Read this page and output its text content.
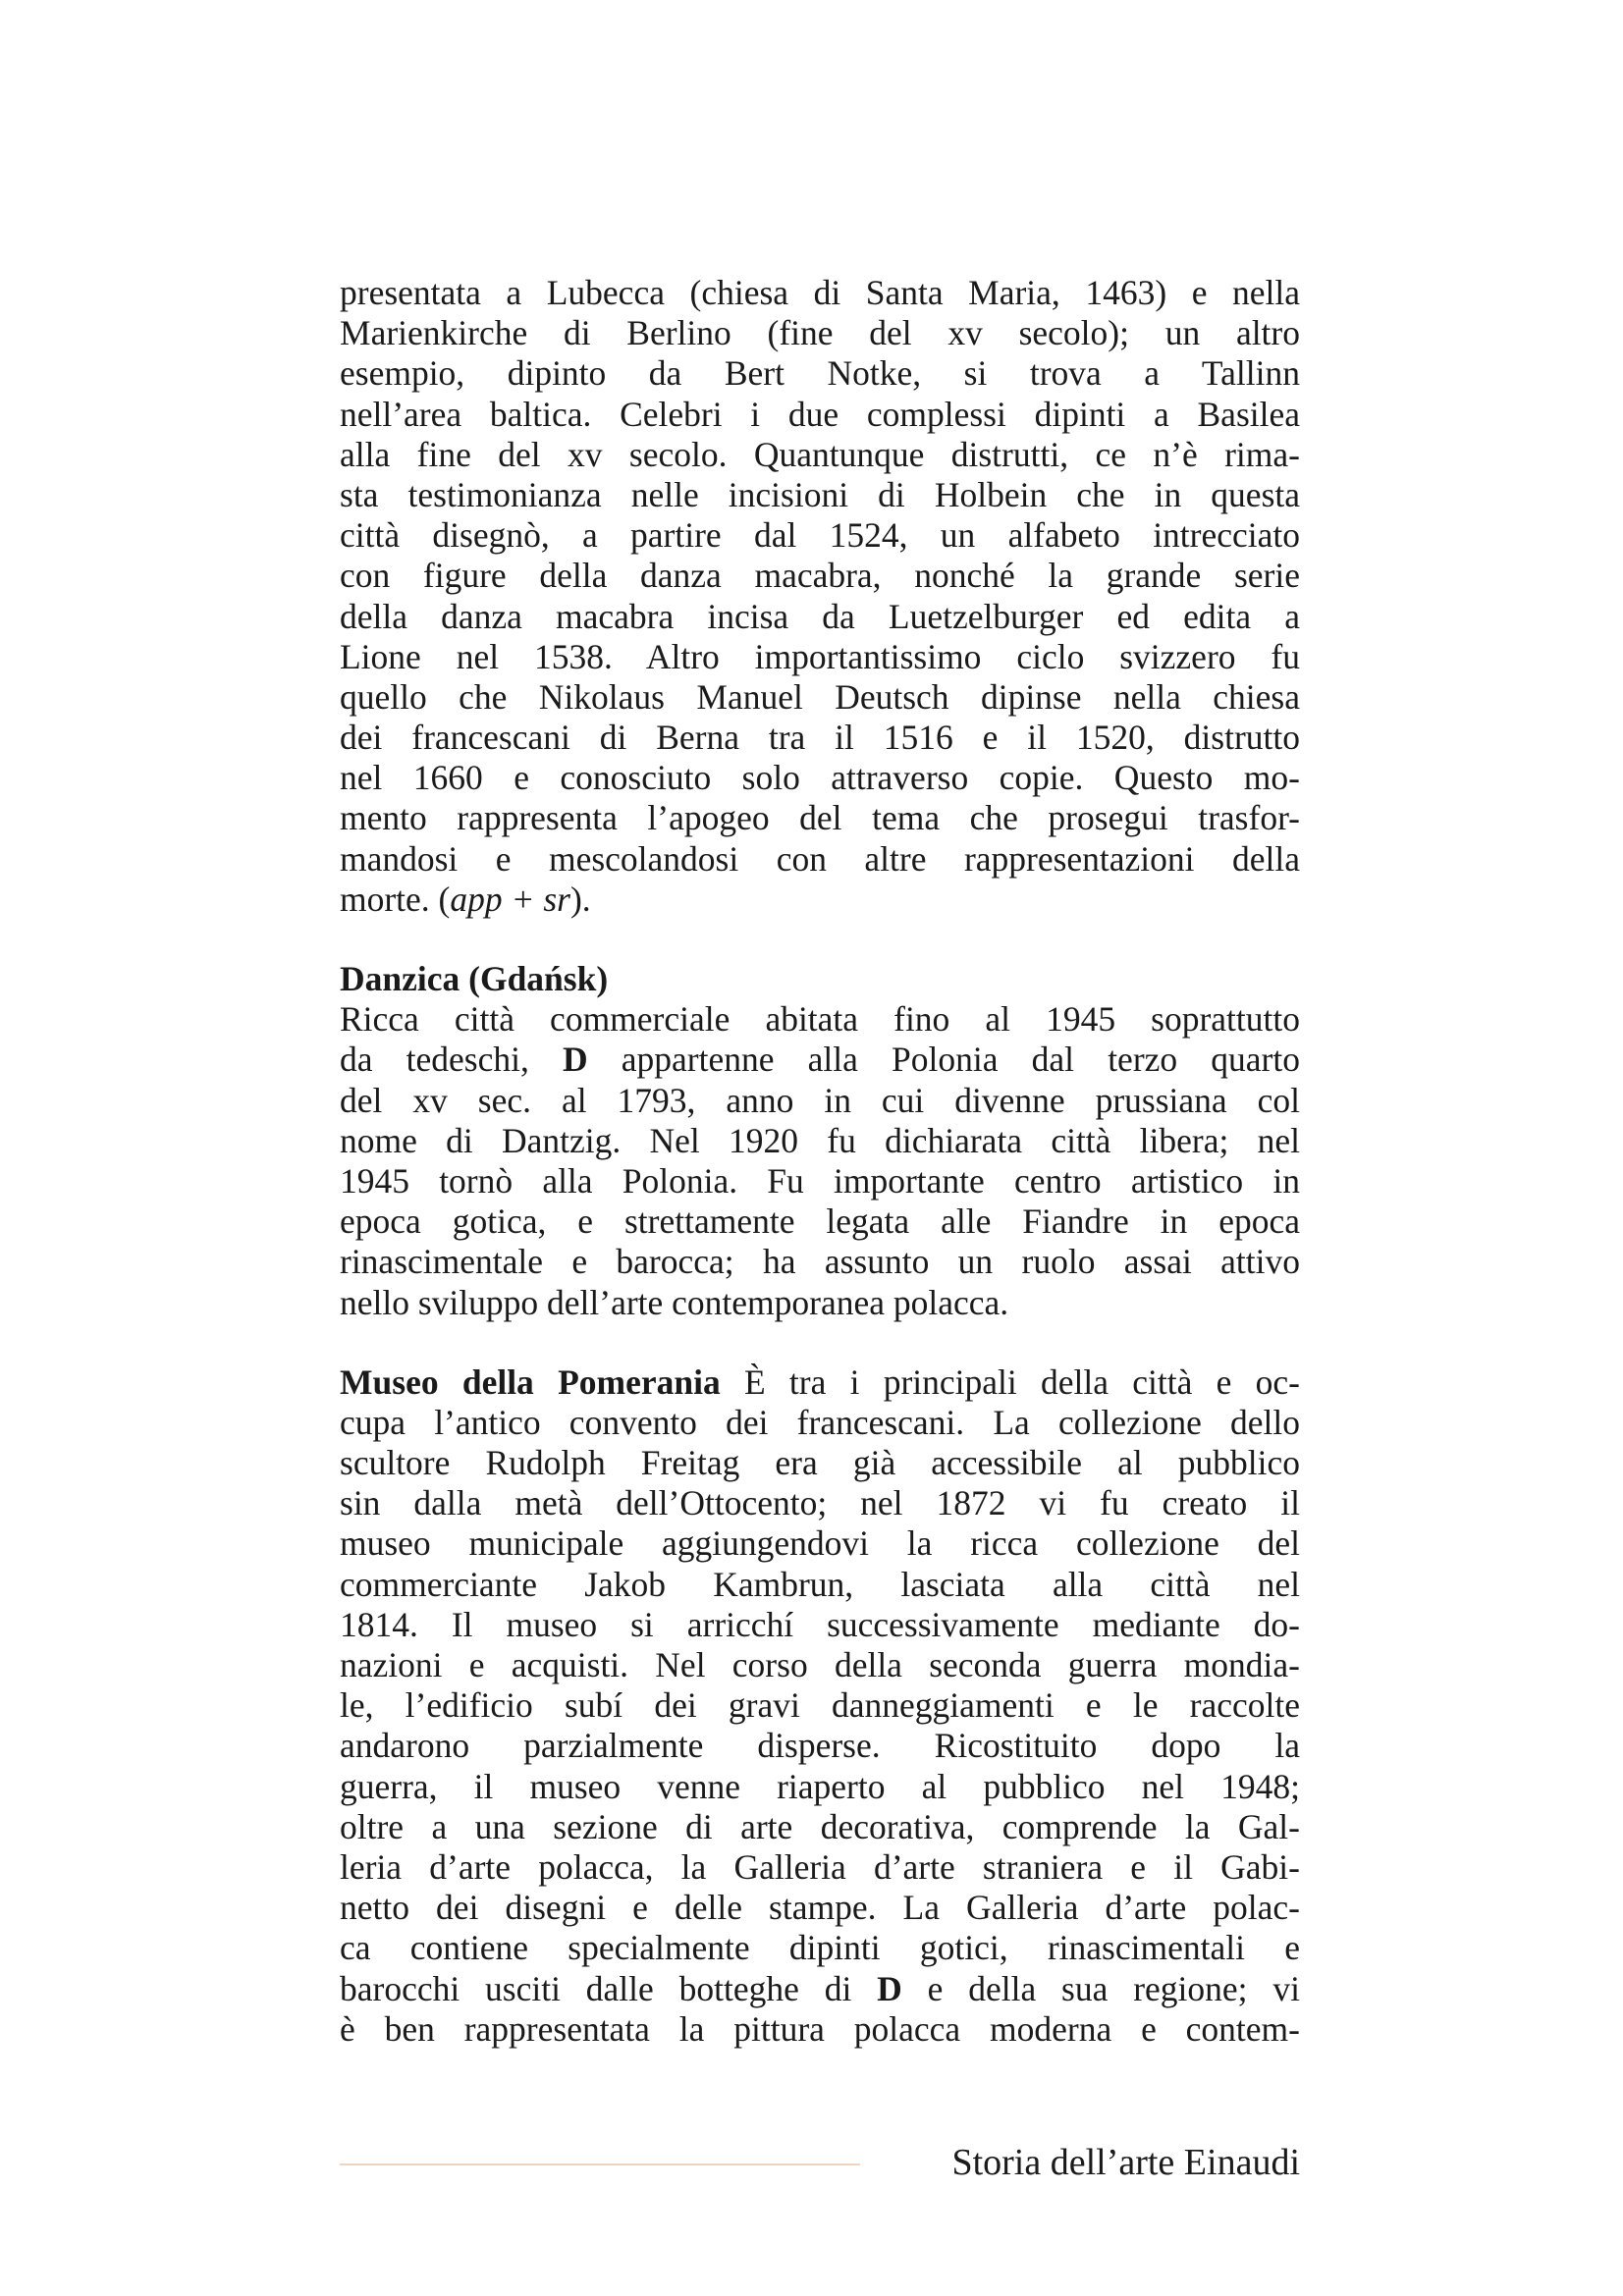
presentata a Lubecca (chiesa di Santa Maria, 1463) e nella
Marienkirche di Berlino (fine del xv secolo); un altro
esempio, dipinto da Bert Notke, si trova a Tallinn
nell’area baltica. Celebri i due complessi dipinti a Basilea
alla fine del xv secolo. Quantunque distrutti, ce n’è rima-
sta testimonianza nelle incisioni di Holbein che in questa
città disegnò, a partire dal 1524, un alfabeto intrecciato
con figure della danza macabra, nonché la grande serie
della danza macabra incisa da Luetzelburger ed edita a
Lione nel 1538. Altro importantissimo ciclo svizzero fu
quello che Nikolaus Manuel Deutsch dipinse nella chiesa
dei francescani di Berna tra il 1516 e il 1520, distrutto
nel 1660 e conosciuto solo attraverso copie. Questo mo-
mento rappresenta l’apogeo del tema che prosegui trasfor-
mandosi e mescolandosi con altre rappresentazioni della
morte. (app + sr).
Danzica (Gdańsk)
Ricca città commerciale abitata fino al 1945 soprattutto
da tedeschi, D appartenne alla Polonia dal terzo quarto
del xv sec. al 1793, anno in cui divenne prussiana col
nome di Dantzig. Nel 1920 fu dichiarata città libera; nel
1945 tornò alla Polonia. Fu importante centro artistico in
epoca gotica, e strettamente legata alle Fiandre in epoca
rinascimentale e barocca; ha assunto un ruolo assai attivo
nello sviluppo dell’arte contemporanea polacca.
Museo della Pomerania È tra i principali della città e oc-
cupa l’antico convento dei francescani. La collezione dello
scultore Rudolph Freitag era già accessibile al pubblico
sin dalla metà dell’Ottocento; nel 1872 vi fu creato il
museo municipale aggiungendovi la ricca collezione del
commerciante Jakob Kambrun, lasciata alla città nel
1814. Il museo si arricchí successivamente mediante do-
nazioni e acquisti. Nel corso della seconda guerra mondia-
le, l’edificio subí dei gravi danneggiamenti e le raccolte
andarono parzialmente disperse. Ricostituito dopo la
guerra, il museo venne riaperto al pubblico nel 1948;
oltre a una sezione di arte decorativa, comprende la Gal-
leria d’arte polacca, la Galleria d’arte straniera e il Gabi-
netto dei disegni e delle stampe. La Galleria d’arte polac-
ca contiene specialmente dipinti gotici, rinascimentali e
barocchi usciti dalle botteghe di D e della sua regione; vi
è ben rappresentata la pittura polacca moderna e contem-
Storia dell’arte Einaudi
